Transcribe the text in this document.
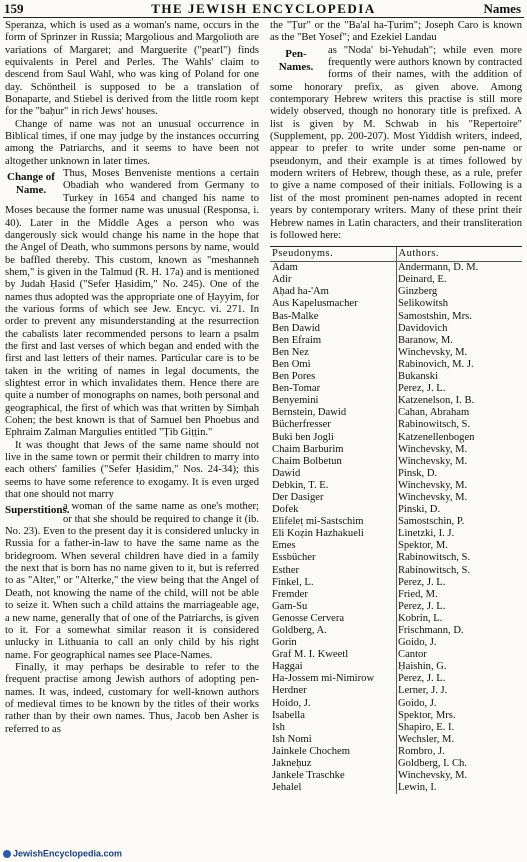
159	THE JEWISH ENCYCLOPEDIA	Names

Speranza, which is used as a woman's name, occurs in the form of Sprinzer in Russia; Margolious and Margolioth are variations of Margaret; and Marguerite ("pearl") finds equivalents in Perel and Perles. The Wahls' claim to descend from Saul Wahl, who was king of Poland for one day. Schöntheil is supposed to be a translation of Bonaparte, and Stiebel is derived from the little room kept for the "baḥur" in rich Jews' houses.

Change of name was not an unusual occurrence in Biblical times, if one may judge by the instances occurring among the Patriarchs, and it seems to have been not altogether unknown in later times.

Change of Name.

Thus, Moses Benveniste mentions a certain Obadiah who wandered from Germany to Turkey in 1654 and changed his name to Moses because the former name was unusual (Responsa, i. 40). Later in the Middle Ages a person who was dangerously sick would change his name in the hope that the Angel of Death, who summons persons by name, would be baffled thereby. This custom, known as "meshanneh shem," is given in the Talmud (R. H. 17a) and is mentioned by Judah Ḥasid ("Sefer Ḥasidim," No. 245). One of the names thus adopted was the appropriate one of Ḥayyim, for the various forms of which see Jew. Encyc. vi. 271. In order to prevent any misunderstanding at the resurrection the cabalists later recommended persons to learn a psalm the first and last verses of which began and ended with the first and last letters of their names. Particular care is to be taken in the writing of names in legal documents, the slightest error in which invalidates them. Hence there are quite a number of monographs on names, both personal and geographical, the first of which was that written by Simḥah Cohen; the best known is that of Samuel ben Phoebus and Ephraim Zalman Margulies entitled "Ṭib Giṭṭin."

It was thought that Jews of the same name should not live in the same town or permit their children to marry into each others' families ("Sefer Ḥasidim," Nos. 24-34); this seems to have some reference to exogamy. It is even urged that one should not marry

Superstitions.

a woman of the same name as one's mother; or that she should be required to change it (ib. No. 23). Even to the present day it is considered unlucky in Russia for a father-in-law to have the same name as the bridegroom. When several children have died in a family the next that is born has no name given to it, but is referred to as "Alter," or "Alterke," the view being that the Angel of Death, not knowing the name of the child, will not be able to seize it. When such a child attains the marriageable age, a new name, generally that of one of the Patriarchs, is given to it. For a somewhat similar reason it is considered unlucky in Lithuania to call an only child by his right name. For geographical names see Place-Names.

Finally, it may perhaps be desirable to refer to the frequent practise among Jewish authors of adopting pen-names. It was, indeed, customary for well-known authors of medieval times to be known by the titles of their works rather than by their own names. Thus, Jacob ben Asher is referred to as

the "Ṭur" or the "Ba'al ha-Ṭurim"; Joseph Caro is known as the "Bet Yosef"; and Ezekiel Landau

Pen-Names.

as "Noda' bi-Yehudah"; while even more frequently were authors known by contracted forms of their names, with the addition of some honorary prefix, as given above. Among contemporary Hebrew writers this practise is still more widely observed, though no honorary title is prefixed. A list is given by M. Schwab in his "Repertoire" (Supplement, pp. 200-207). Most Yiddish writers, indeed, appear to prefer to write under some pen-name or pseudonym, and their example is at times followed by modern writers of Hebrew, though these, as a rule, prefer to give a name composed of their initials. Following is a list of the most prominent pen-names adopted in recent years by contemporary writers. Many of these print their Hebrew names in Latin characters, and their transliteration is followed here:

Pseudonyms.	Authors.
Adam	Andermann, D. M.
Adir	Deinard, E.
Aḥad ha-'Am	Ginzberg
Aus Kapelusmacher	Selikowitsh
Bas-Malke	Samostshin, Mrs.
Ben Dawid	Davidovich
Ben Efraim	Baranow, M.
Ben Nez	Winchevsky, M.
Ben Omi	Rabinovich, M. J.
Ben Pores	Bukanski
Ben-Tomar	Perez, J. L.
Benyemini	Katzenelson, I. B.
Bernstein, Dawid	Cahan, Abraham
Bücherfresser	Rabinowitsch, S.
Buki ben Jogli	Katzenellenbogen
Chaim Barburim	Winchevsky, M.
Chaim Bolbetun	Winchevsky, M.
Dawid	Pinsk, D.
Debkin, T. E.	Winchevsky, M.
Der Dasiger	Winchevsky, M.
Dofek	Pinski, D.
Elifeleṭ mi-Sastschim	Samostschin, P.
Eli Koẓin Hazhakueli	Linetzki, I. J.
Emes	Spektor, M.
Essbücher	Rabinowitsch, S.
Esther	Rabinowitsch, S.
Finkel, L.	Perez, J. L.
Fremder	Fried, M.
Gam-Su	Perez, J. L.
Genosse Cervera	Kobrin, L.
Goldberg, A.	Frischmann, D.
Gorin	Goido, J.
Graf M. I. Kweetl	Cantor
Haggai	Ḥaishin, G.
Ha-Jossem mi-Nimirow	Perez, J. L.
Herdner	Lerner, J. J.
Hoido, J.	Goido, J.
Isabella	Spektor, Mrs.
Ish	Shapiro, E. I.
Ish Nomi	Wechsler, M.
Jainkele Chochem	Rombro, J.
Jakneḥuz	Goldberg, I. Ch.
Jankele Traschke	Winchevsky, M.
Jehalel	Lewin, I.
JewishEncyclopedia.com
